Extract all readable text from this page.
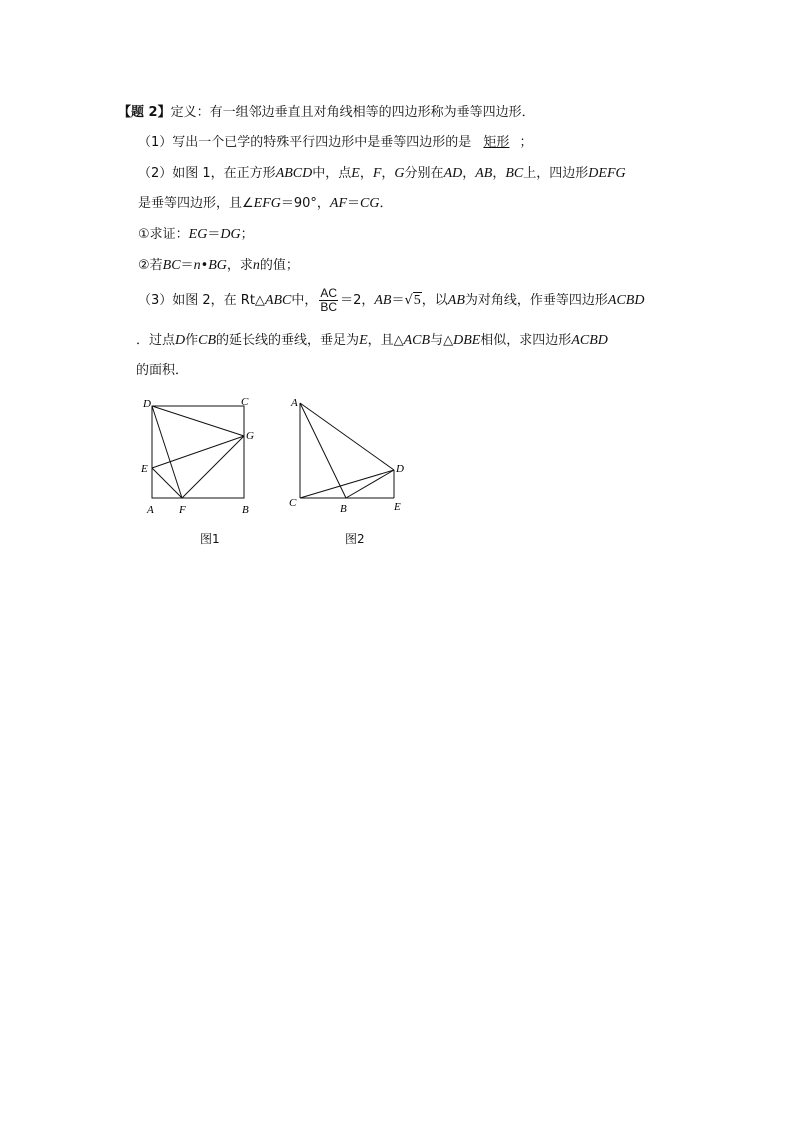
【题 2】定义：有一组邻边垂直且对角线相等的四边形称为垂等四边形．
（1）写出一个已学的特殊平行四边形中是垂等四边形的是 矩形 ；
（2）如图 1，在正方形ABCD中，点E，F，G分别在AD，AB，BC上，四边形DEFG
是垂等四边形，且∠EFG＝90°，AF＝CG．
①求证：EG＝DG；
②若BC＝n•BG，求n的值；
（3）如图 2，在 Rt△ABC中， $\frac{AC}{BC} =2$，AB＝√5，以AB为对角线，作垂等四边形ACBD
．过点D作CB的延长线的垂线，垂足为E，且△ACB与△DBE相似，求四边形ACBD
的面积．
D	C
G
E
A F	B
图1
A
D
C	B	E
图2
